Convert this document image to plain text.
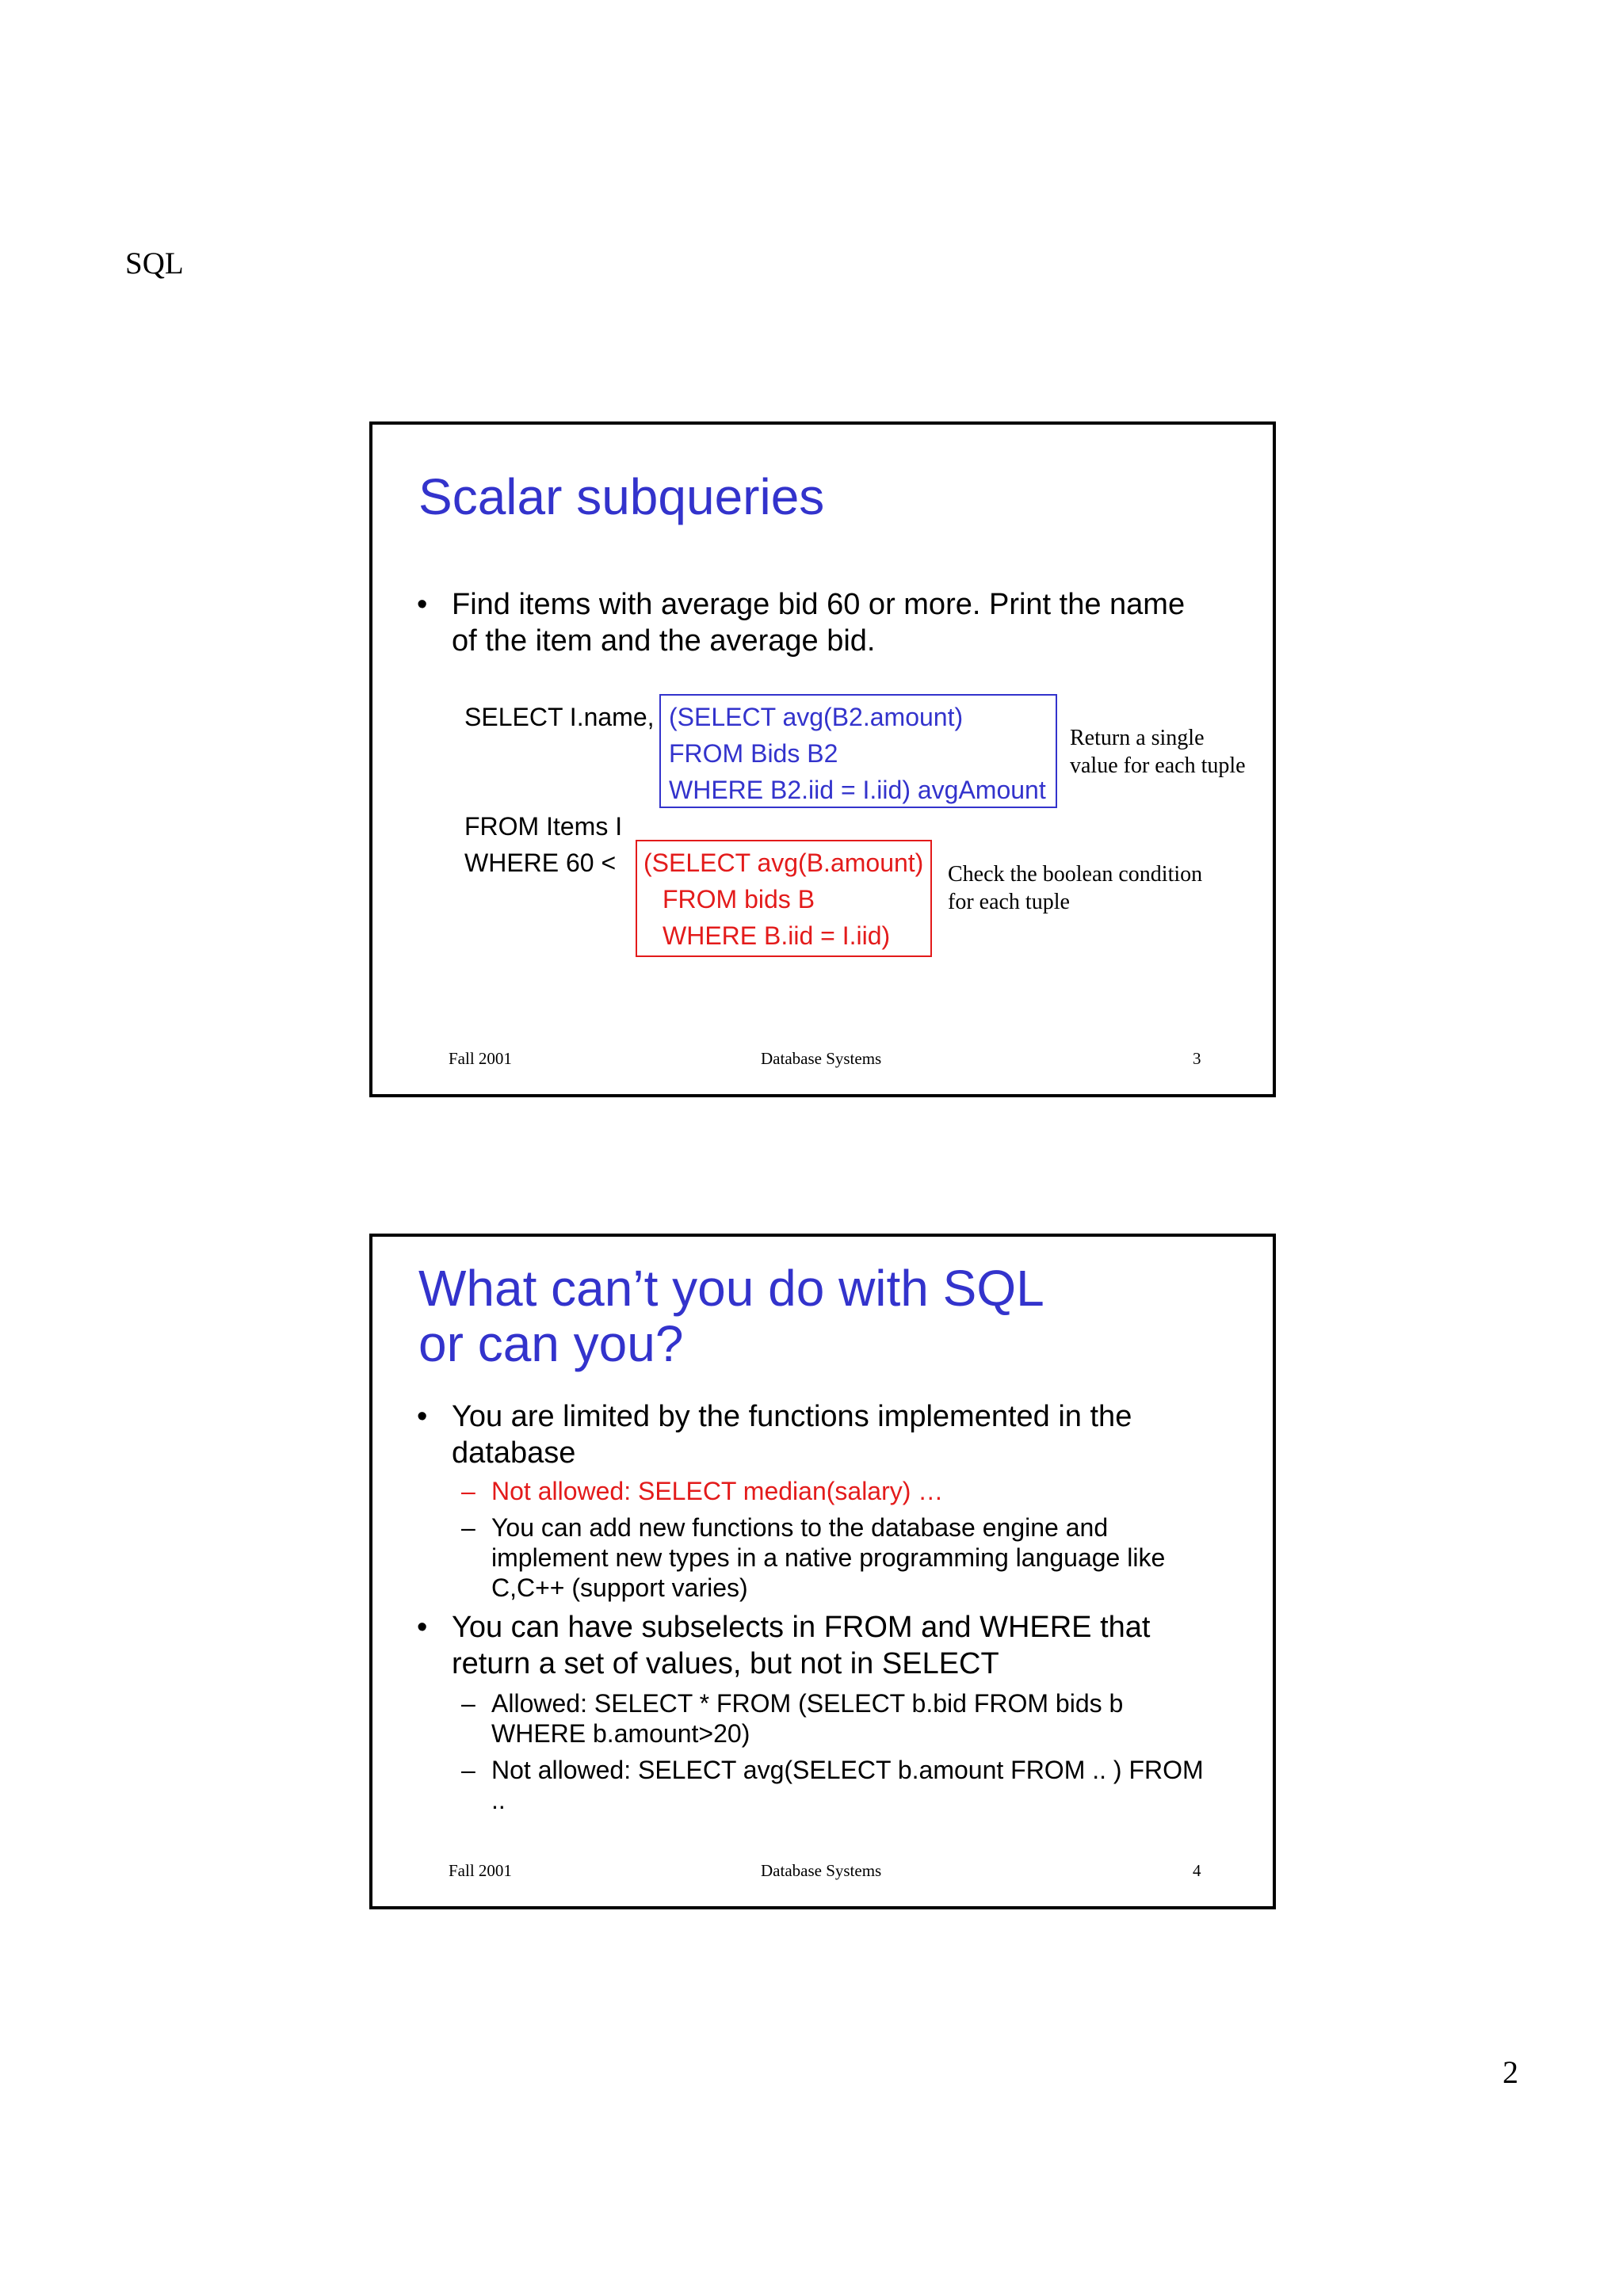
SQL
Scalar subqueries
• Find items with average bid 60 or more. Print the name
of the item and the average bid.
SELECT I.name, (SELECT avg(B2.amount)
FROM Bids B2
WHERE B2.iid = I.iid) avgAmount
FROM Items I
WHERE 60 < (SELECT avg(B.amount)
FROM bids B
WHERE B.iid = I.iid)
Return a single
value for each tuple
Check the boolean condition
for each tuple
Fall 2001	Database Systems	3
What can’t you do with SQL
or can you?
• You are limited by the functions implemented in the
database
– Not allowed: SELECT median(salary) …
– You can add new functions to the database engine and
implement new types in a native programming language like
C,C++ (support varies)
• You can have subselects in FROM and WHERE that
return a set of values, but not in SELECT
– Allowed: SELECT * FROM (SELECT b.bid FROM bids b
WHERE b.amount>20)
– Not allowed: SELECT avg(SELECT b.amount FROM .. ) FROM
..
Fall 2001	Database Systems	4
2
